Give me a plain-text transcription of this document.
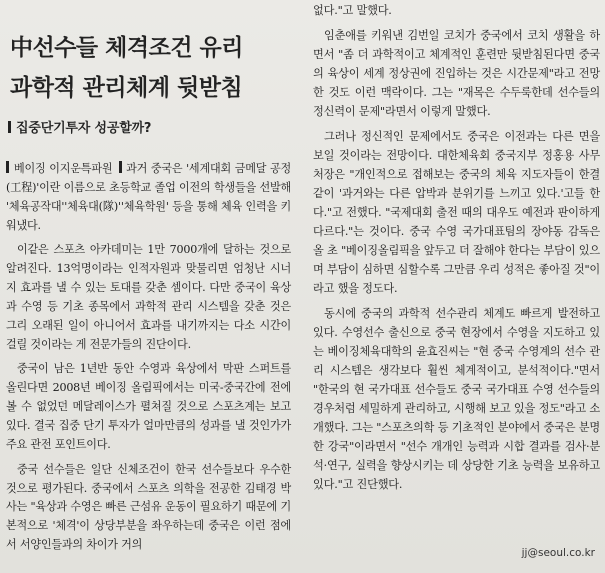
中선수들 체격조건 유리
과학적 관리체계 뒷받침
집중단기투자 성공할까?

베이징 이지운특파원 과거 중국은 '세계대회 금메달 공정(工程)'이란 이름으로 초등학교 졸업 이전의 학생들을 선발해 '체육공작대''체육대(隊)''체육학원' 등을 통해 체육 인력을 키워냈다.

이같은 스포츠 아카데미는 1만 7000개에 달하는 것으로 알려진다. 13억명이라는 인적자원과 맞물리면 엄청난 시너지 효과를 낼 수 있는 토대를 갖춘 셈이다. 다만 중국이 육상과 수영 등 기초 종목에서 과학적 관리 시스템을 갖춘 것은 그리 오래된 일이 아니어서 효과를 내기까지는 다소 시간이 걸릴 것이라는 게 전문가들의 진단이다.

중국이 남은 1년반 동안 수영과 육상에서 막판 스퍼트를 올린다면 2008년 베이징 올림픽에서는 미국-중국간에 전에 볼 수 없었던 메달레이스가 펼쳐질 것으로 스포츠계는 보고 있다. 결국 집중 단기 투자가 얼마만큼의 성과를 낼 것인가가 주요 관전 포인트이다.

중국 선수들은 일단 신체조건이 한국 선수들보다 우수한 것으로 평가된다. 중국에서 스포츠 의학을 전공한 김태경 박사는 "육상과 수영은 빠른 근섬유 운동이 필요하기 때문에 기본적으로 '체격'이 상당부분을 좌우하는데 중국은 이런 점에서 서양인들과의 차이가 거의

없다."고 말했다.

임춘애를 키워낸 김번일 코치가 중국에서 코치 생활을 하면서 "좀 더 과학적이고 체계적인 훈련만 뒷받침된다면 중국의 육상이 세계 정상권에 진입하는 것은 시간문제"라고 전망한 것도 이런 맥락이다. 그는 "재목은 수두룩한데 선수들의 정신력이 문제"라면서 이렇게 말했다.

그러나 정신적인 문제에서도 중국은 이전과는 다른 면을 보일 것이라는 전망이다. 대한체육회 중국지부 정홍용 사무처장은 "개인적으로 접해보는 중국의 체육 지도자들이 한결같이 '과거와는 다른 압박과 분위기를 느끼고 있다.'고들 한다."고 전했다. "국제대회 출전 때의 대우도 예전과 판이하게 다르다."는 것이다. 중국 수영 국가대표팀의 장야동 감독은 올 초 "베이징올림픽을 앞두고 더 잘해야 한다는 부담이 있으며 부담이 심하면 심할수록 그만큼 우리 성적은 좋아질 것"이라고 했을 정도다.

동시에 중국의 과학적 선수관리 체계도 빠르게 발전하고 있다. 수영선수 출신으로 중국 현장에서 수영을 지도하고 있는 베이징체육대학의 윤효진씨는 "현 중국 수영계의 선수 관리 시스템은 생각보다 훨씬 체계적이고, 분석적이다."면서 "한국의 현 국가대표 선수들도 중국 국가대표 수영 선수들의 경우처럼 세밀하게 관리하고, 시행해 보고 있을 정도"라고 소개했다. 그는 "스포츠의학 등 기초적인 분야에서 중국은 분명한 강국"이라면서 "선수 개개인 능력과 시합 결과를 검사·분석·연구, 실력을 향상시키는 데 상당한 기초 능력을 보유하고 있다."고 진단했다.

jj@seoul.co.kr
